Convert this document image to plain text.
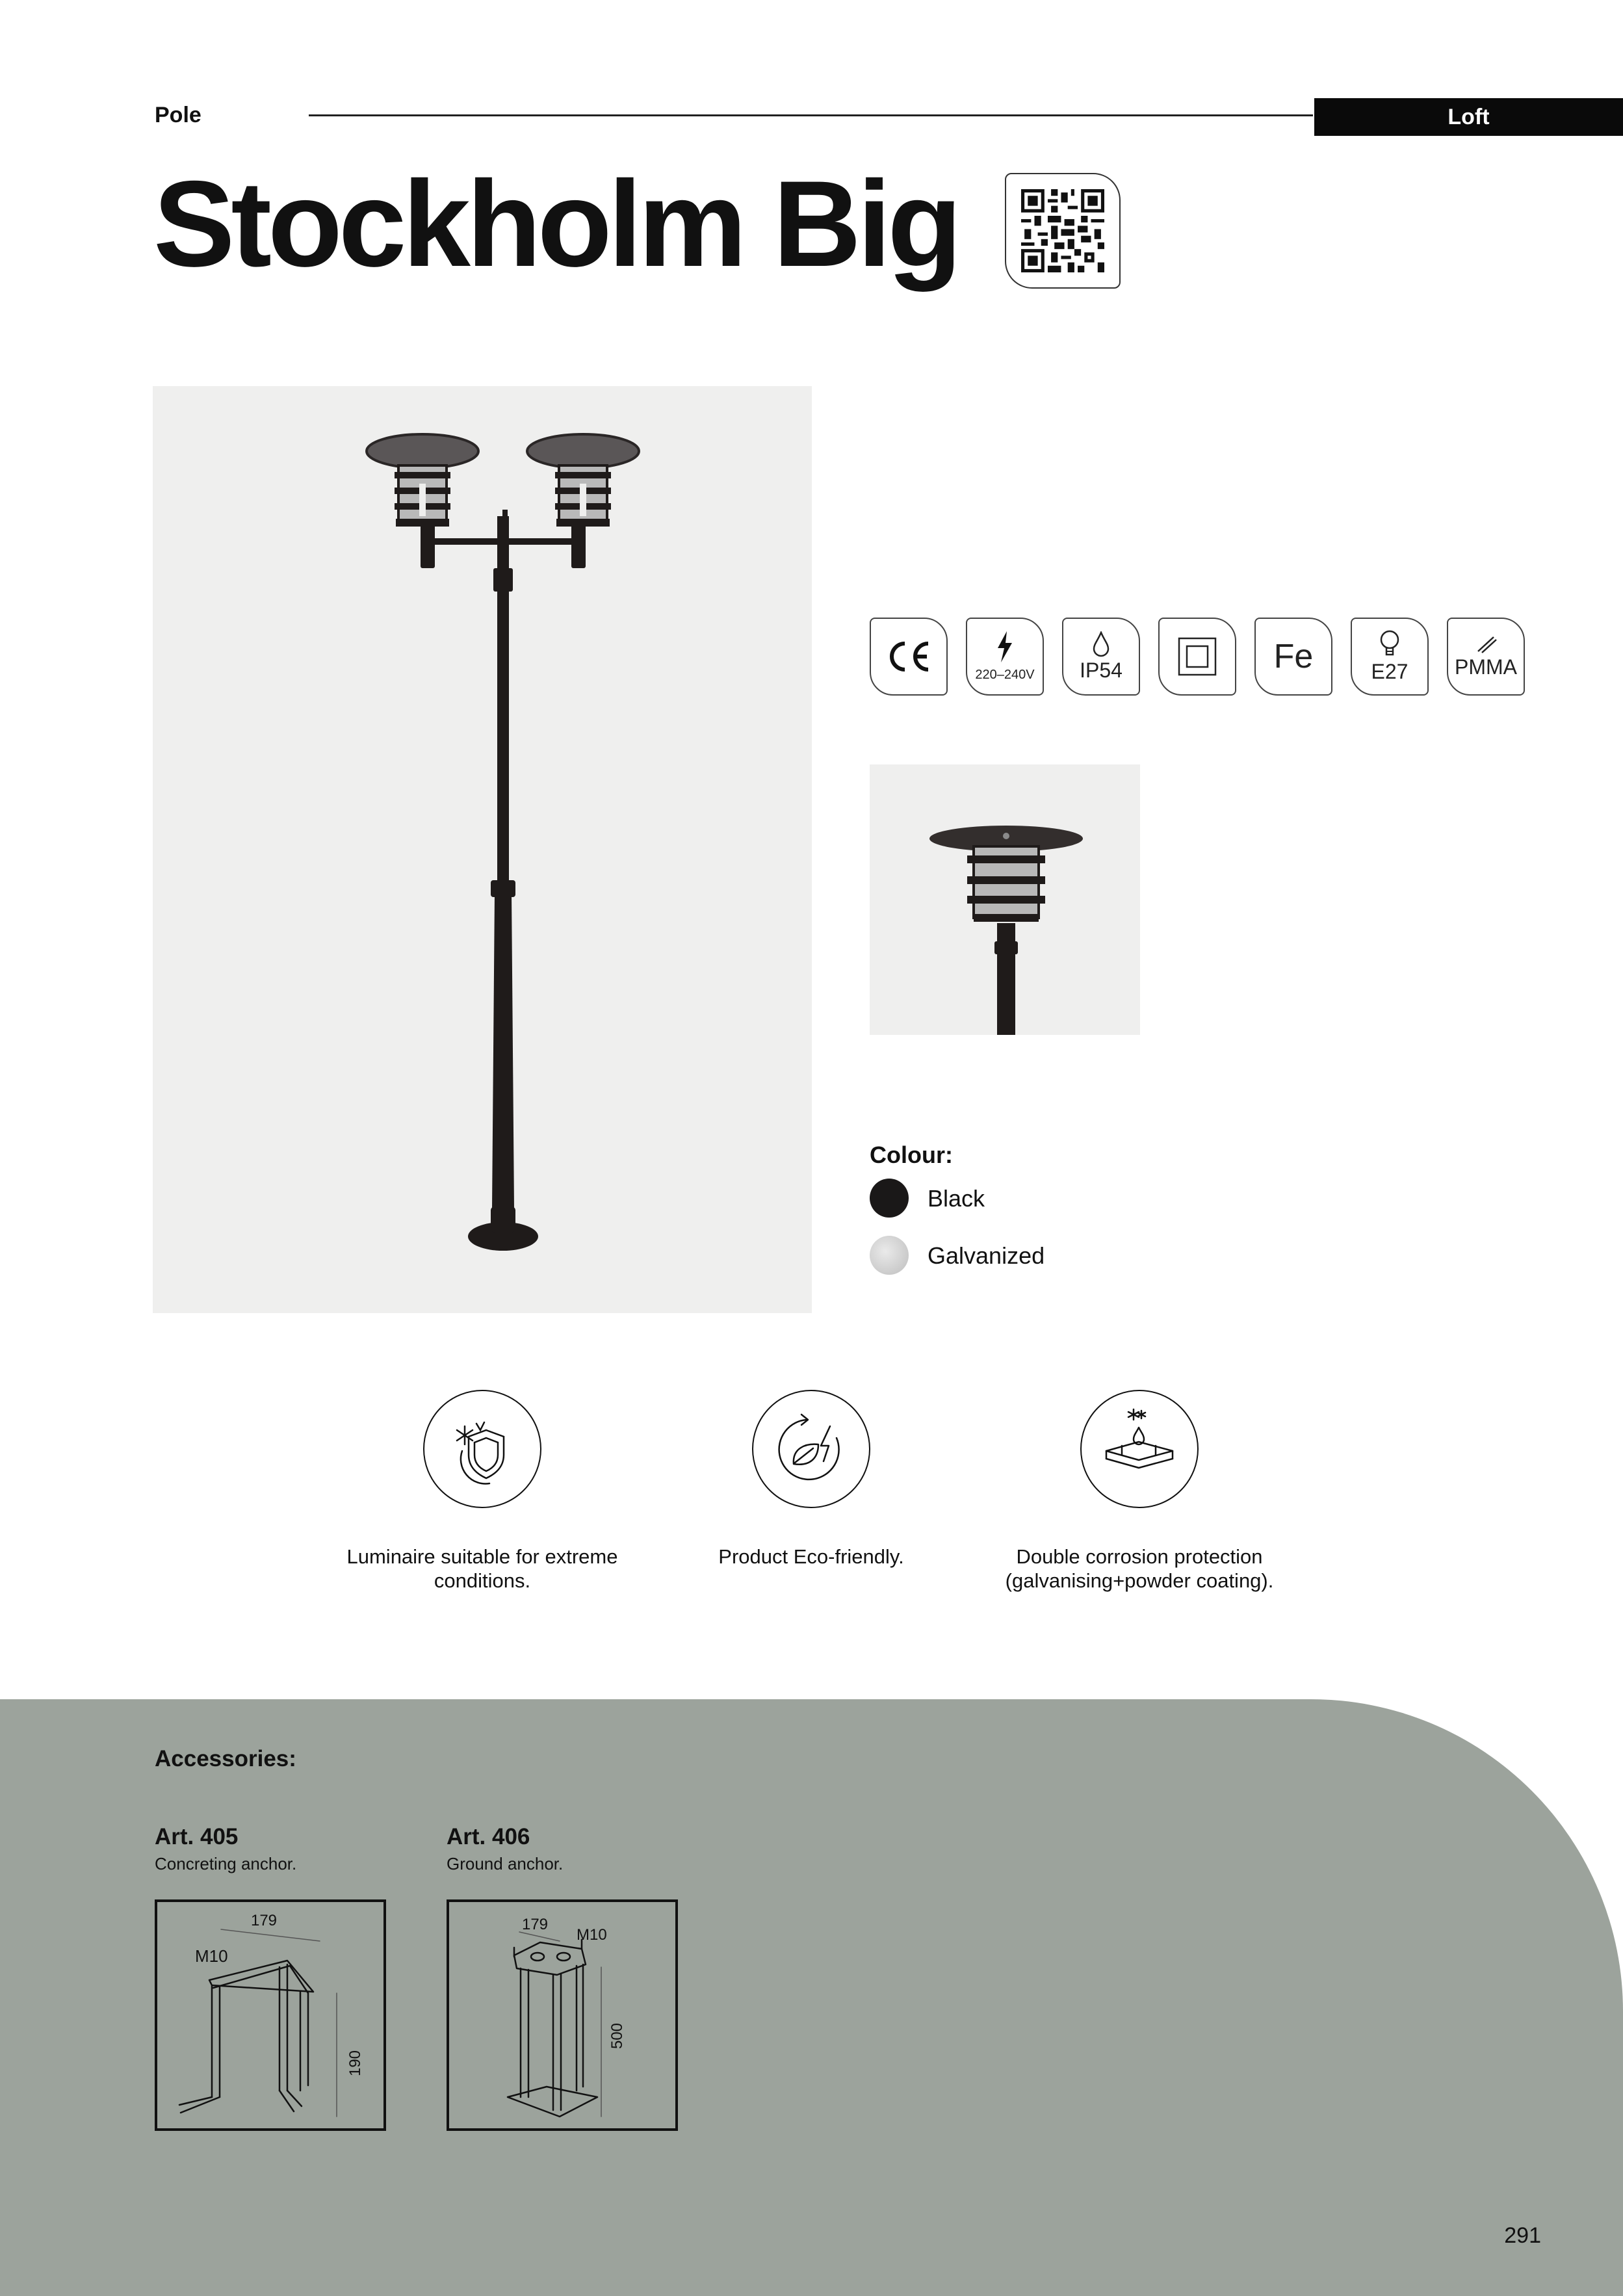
Pole	Loft
Stockholm Big
220–240V IP54	Fe	E27 PMMA
Colour:
Black
Galvanized
Luminaire suitable for extreme conditions.
Product Eco-friendly.	Double corrosion protection (galvanising+powder coating).
Accessories:
Art. 405
Concreting anchor.
179
M10
190
Art. 406
Ground anchor.
179
M10
500
291
